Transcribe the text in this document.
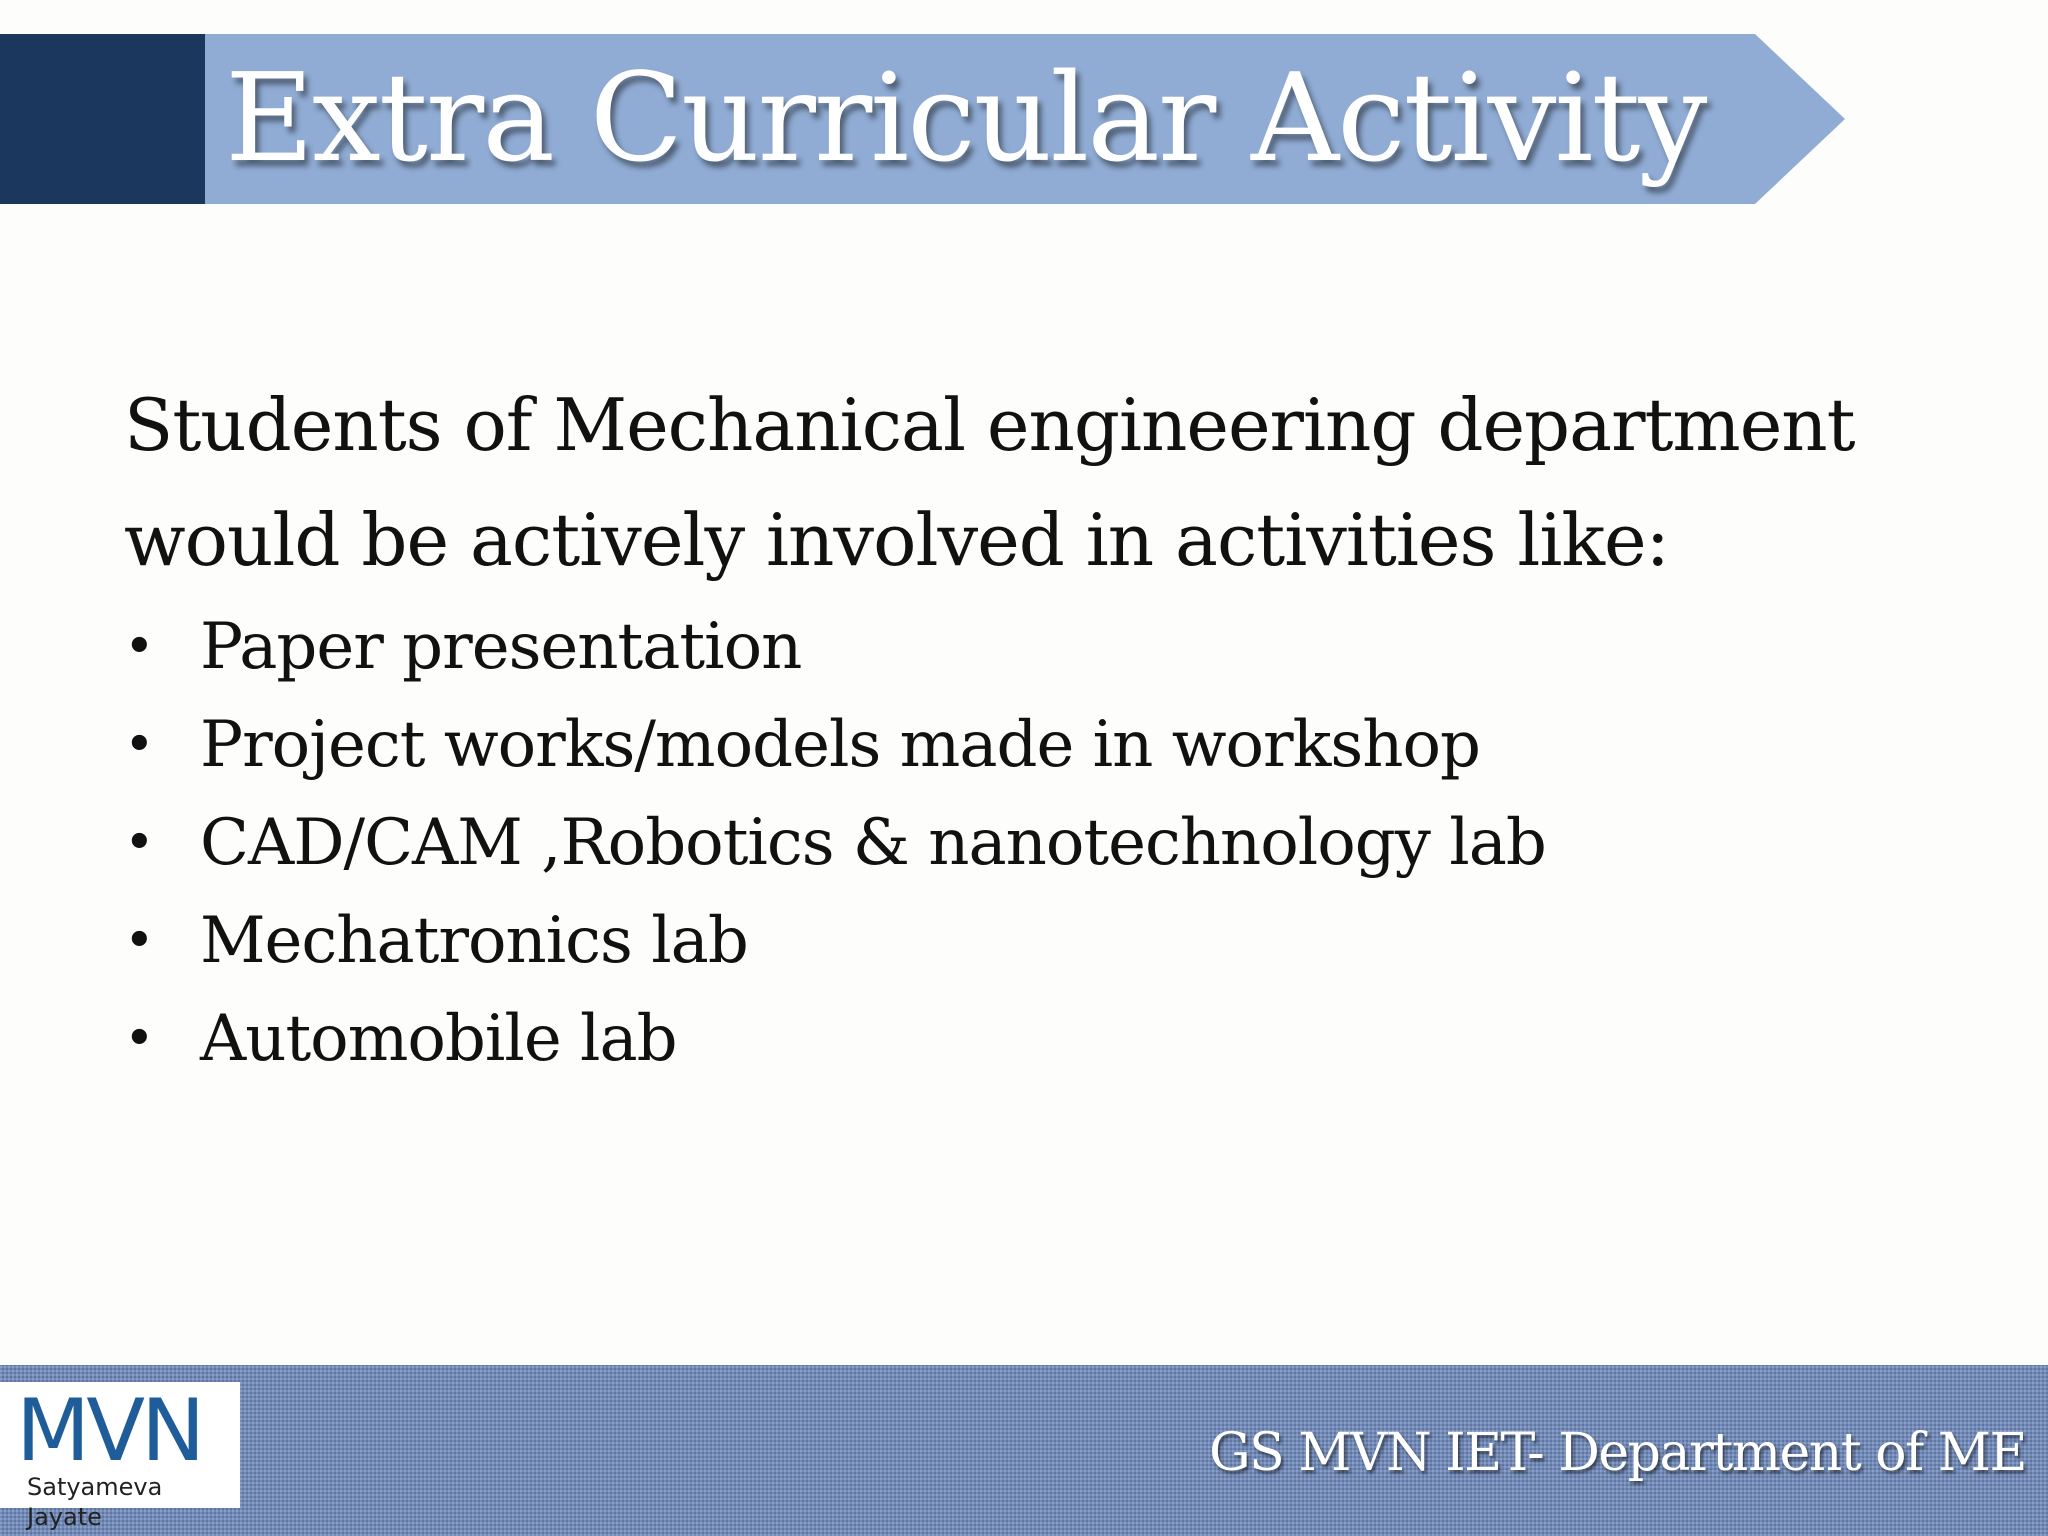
Extra Curricular Activity

Students of Mechanical engineering department
would be actively involved in activities like:

• Paper presentation
• Project works/models made in workshop
• CAD/CAM ,Robotics & nanotechnology lab
• Mechatronics lab
• Automobile lab
MVN
Satyameva Jayate
GS MVN IET- Department of ME
